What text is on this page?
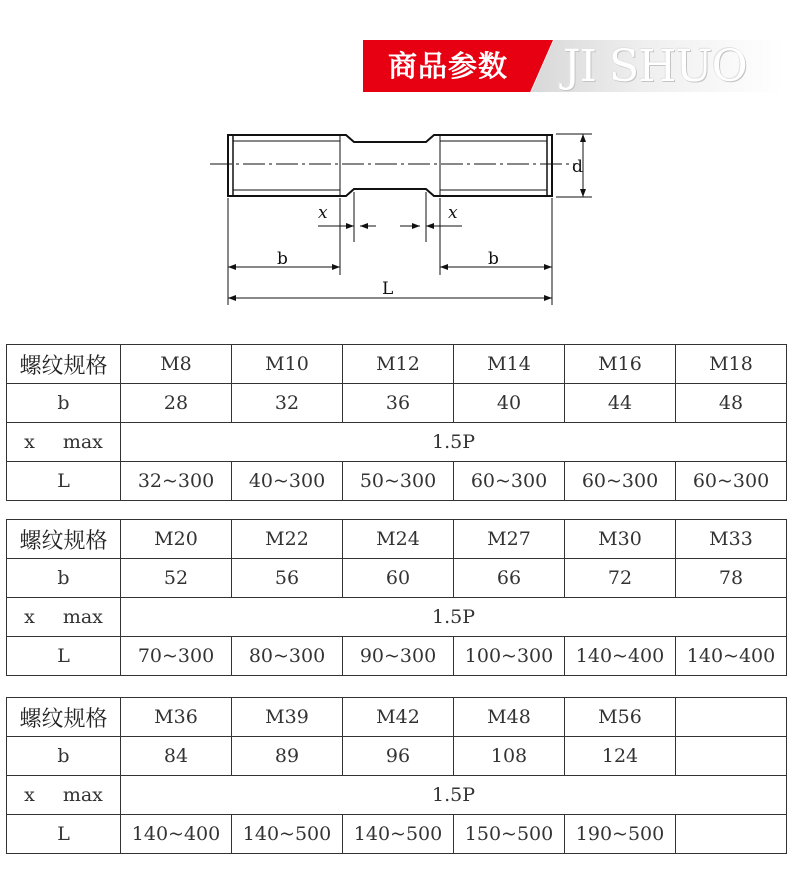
JI SHUO
商品参数
d
x	x
b	b
L
螺纹规格	M8	M10	M12	M14	M16	M18
b	28	32	36	40	44	48
x max	1.5P					
L	32~300	40~300	50~300	60~300	60~300	60~300
螺纹规格	M20	M22	M24	M27	M30	M33
b	52	56	60	66	72	78
x max	1.5P					
L	70~300	80~300	90~300	100~300	140~400	140~400
螺纹规格	M36	M39	M42	M48	M56	
b	84	89	96	108	124	
x max	1.5P					
L	140~400	140~500	140~500	150~500	190~500	
